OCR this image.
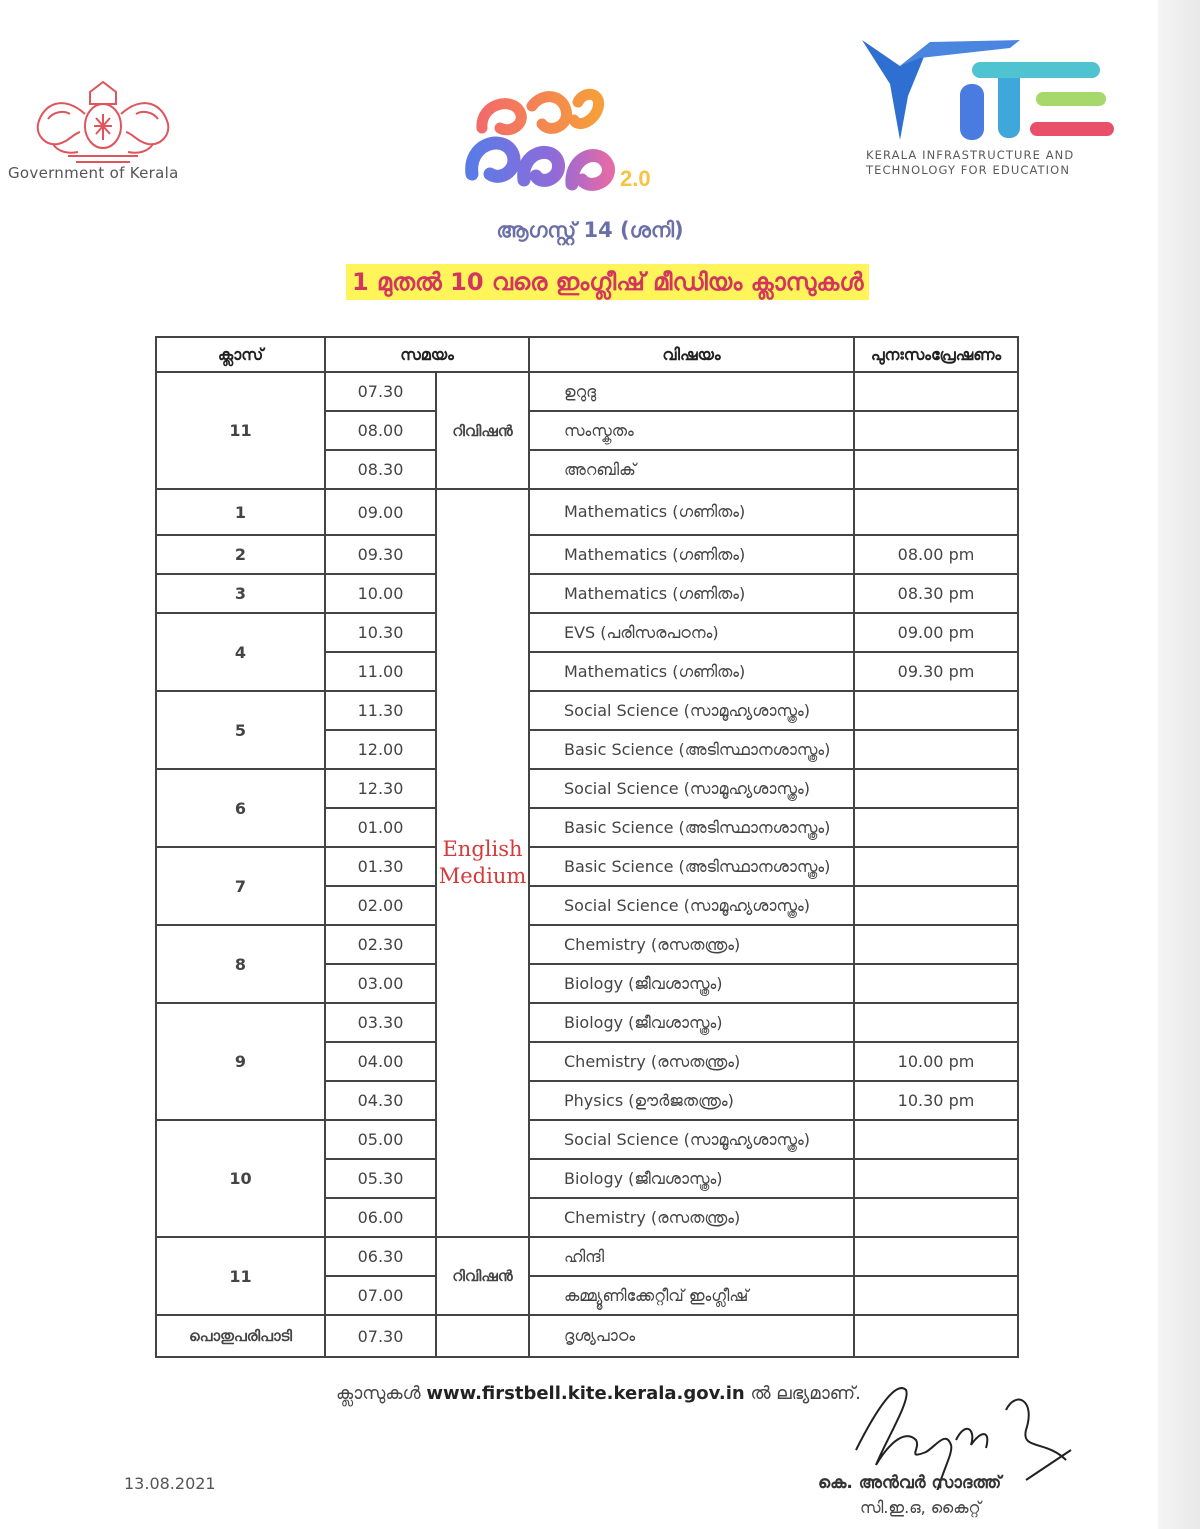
Government of Kerala	2.0
KERALA INFRASTRUCTURE AND
TECHNOLOGY FOR EDUCATION
ആഗസ്റ്റ് 14 (ശനി)
1 മുതൽ 10 വരെ ഇംഗ്ലീഷ് മീഡിയം ക്ലാസുകൾ
ക്ലാസ്	സമയം		വിഷയം	പുനഃസംപ്രേഷണം
11	07.30	റിവിഷൻ	ഉറുദു	
	08.00		സംസ്കൃതം	
	08.30		അറബിക്	
1	09.00	English Medium	Mathematics (ഗണിതം)	
2	09.30		Mathematics (ഗണിതം)	08.00 pm
3	10.00		Mathematics (ഗണിതം)	08.30 pm
4	10.30		EVS (പരിസരപഠനം)	09.00 pm
	11.00		Mathematics (ഗണിതം)	09.30 pm
5	11.30		Social Science (സാമൂഹ്യശാസ്ത്രം)	
	12.00		Basic Science (അടിസ്ഥാനശാസ്ത്രം)	
6	12.30		Social Science (സാമൂഹ്യശാസ്ത്രം)	
	01.00		Basic Science (അടിസ്ഥാനശാസ്ത്രം)	
7	01.30		Basic Science (അടിസ്ഥാനശാസ്ത്രം)	
	02.00		Social Science (സാമൂഹ്യശാസ്ത്രം)	
8	02.30		Chemistry (രസതന്ത്രം)	
	03.00		Biology (ജീവശാസ്ത്രം)	
9	03.30		Biology (ജീവശാസ്ത്രം)	
	04.00		Chemistry (രസതന്ത്രം)	10.00 pm
	04.30		Physics (ഊർജതന്ത്രം)	10.30 pm
10	05.00		Social Science (സാമൂഹ്യശാസ്ത്രം)	
	05.30		Biology (ജീവശാസ്ത്രം)	
	06.00		Chemistry (രസതന്ത്രം)	
11	06.30	റിവിഷൻ	ഹിന്ദി	
	07.00		കമ്മ്യൂണിക്കേറ്റീവ് ഇംഗ്ലീഷ്	
പൊതുപരിപാടി	07.30		ദൃശ്യപാഠം	
ക്ലാസുകൾ www.firstbell.kite.kerala.gov.in ൽ ലഭ്യമാണ്.
13.08.2021	കെ. അൻവർ സാദത്ത്
സി.ഇ.ഒ, കൈറ്റ്
